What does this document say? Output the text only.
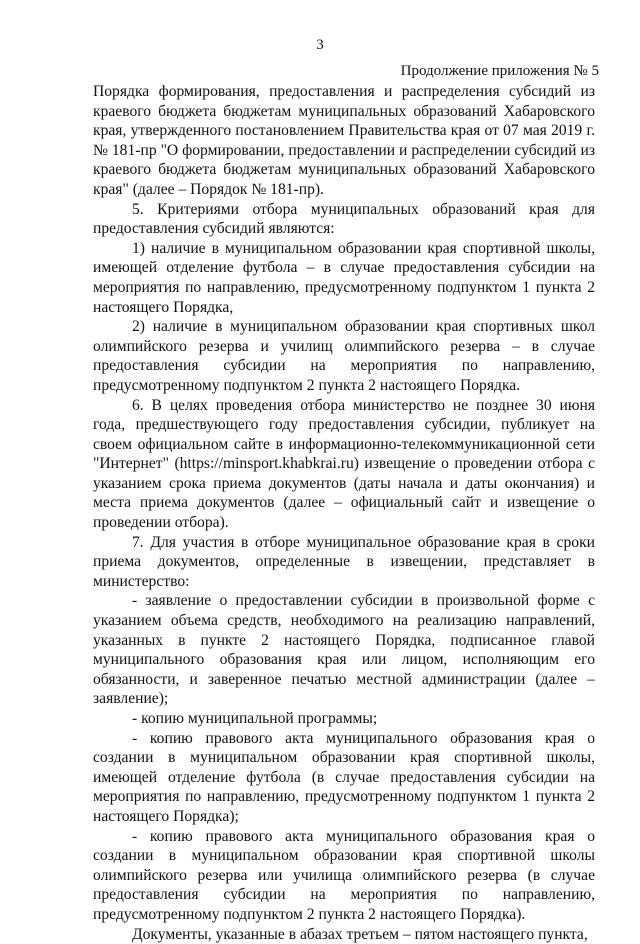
3
Продолжение приложения № 5

Порядка формирования, предоставления и распределения субсидий из краевого бюджета бюджетам муниципальных образований Хабаровского края, утвержденного постановлением Правительства края от 07 мая 2019 г. № 181-пр "О формировании, предоставлении и распределении субсидий из краевого бюджета бюджетам муниципальных образований Хабаровского края" (далее – Порядок № 181-пр).

5. Критериями отбора муниципальных образований края для предоставления субсидий являются:

1) наличие в муниципальном образовании края спортивной школы, имеющей отделение футбола – в случае предоставления субсидии на мероприятия по направлению, предусмотренному подпунктом 1 пункта 2 настоящего Порядка,

2) наличие в муниципальном образовании края спортивных школ олимпийского резерва и училищ олимпийского резерва – в случае предоставления субсидии на мероприятия по направлению, предусмотренному подпунктом 2 пункта 2 настоящего Порядка.

6. В целях проведения отбора министерство не позднее 30 июня года, предшествующего году предоставления субсидии, публикует на своем официальном сайте в информационно-телекоммуникационной сети "Интернет" (https://minsport.khabkrai.ru) извещение о проведении отбора с указанием срока приема документов (даты начала и даты окончания) и места приема документов (далее – официальный сайт и извещение о проведении отбора).

7. Для участия в отборе муниципальное образование края в сроки приема документов, определенные в извещении, представляет в министерство:

- заявление о предоставлении субсидии в произвольной форме с указанием объема средств, необходимого на реализацию направлений, указанных в пункте 2 настоящего Порядка, подписанное главой муниципального образования края или лицом, исполняющим его обязанности, и заверенное печатью местной администрации (далее – заявление);

- копию муниципальной программы;

- копию правового акта муниципального образования края о создании в муниципальном образовании края спортивной школы, имеющей отделение футбола (в случае предоставления субсидии на мероприятия по направлению, предусмотренному подпунктом 1 пункта 2 настоящего Порядка);

- копию правового акта муниципального образования края о создании в муниципальном образовании края спортивной школы олимпийского резерва или училища олимпийского резерва (в случае предоставления субсидии на мероприятия по направлению, предусмотренному подпунктом 2 пункта 2 настоящего Порядка).

Документы, указанные в абазах третьем – пятом настоящего пункта,
